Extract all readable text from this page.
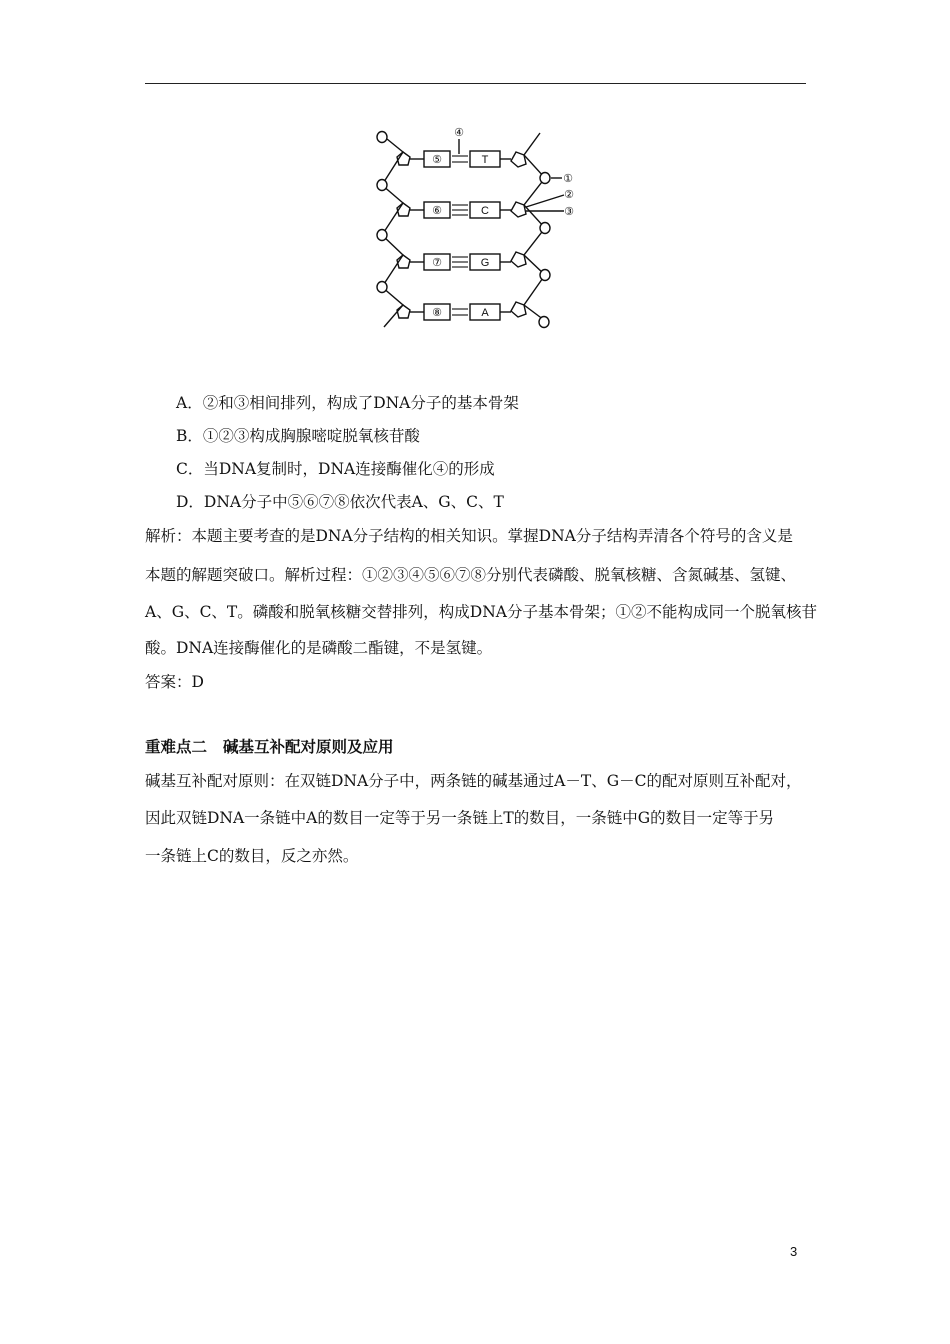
⑤
⑥
⑦
⑧
T
C
G
A
④
①
②
③
A．②和③相间排列，构成了DNA分子的基本骨架
B．①②③构成胸腺嘧啶脱氧核苷酸
C．当DNA复制时，DNA连接酶催化④的形成
D．DNA分子中⑤⑥⑦⑧依次代表A、G、C、T
解析：本题主要考查的是DNA分子结构的相关知识。掌握DNA分子结构弄清各个符号的含义是
本题的解题突破口。解析过程：①②③④⑤⑥⑦⑧分别代表磷酸、脱氧核糖、含氮碱基、氢键、
A、G、C、T。磷酸和脱氧核糖交替排列，构成DNA分子基本骨架；①②不能构成同一个脱氧核苷
酸。DNA连接酶催化的是磷酸二酯键，不是氢键。
答案：D
重难点二 碱基互补配对原则及应用
碱基互补配对原则：在双链DNA分子中，两条链的碱基通过A－T、G－C的配对原则互补配对，
因此双链DNA一条链中A的数目一定等于另一条链上T的数目，一条链中G的数目一定等于另
一条链上C的数目，反之亦然。
3
